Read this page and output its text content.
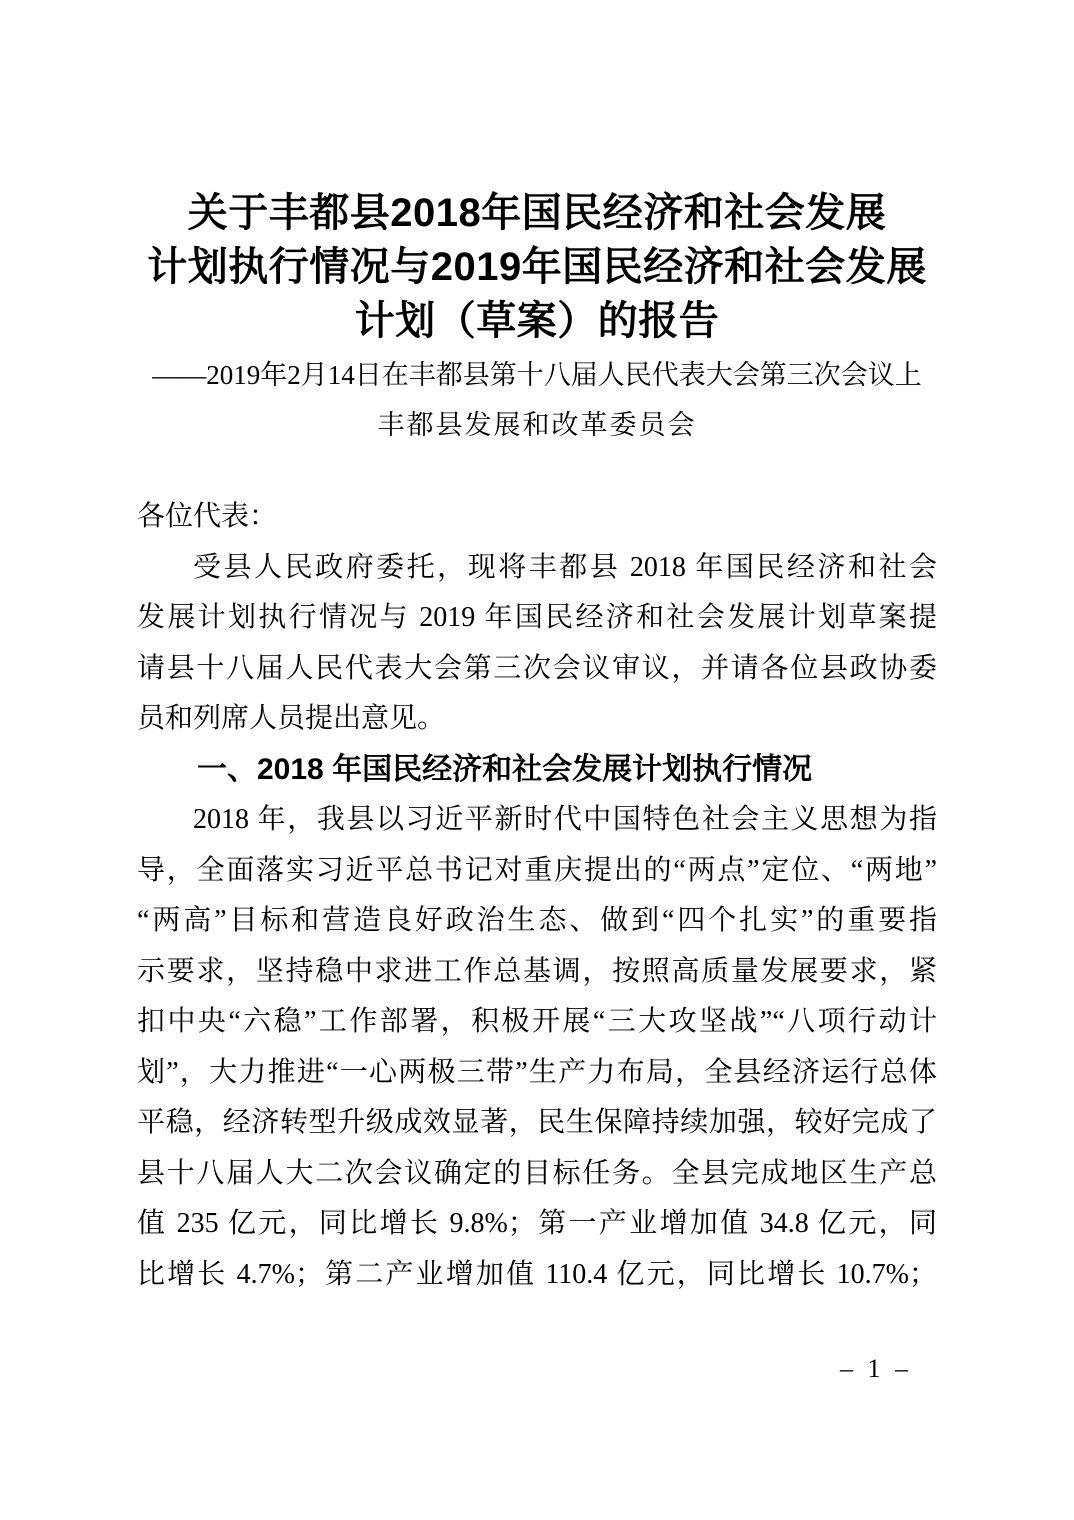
关于丰都县2018年国民经济和社会发展
计划执行情况与2019年国民经济和社会发展
计划（草案）的报告
——2019年2月14日在丰都县第十八届人民代表大会第三次会议上
丰都县发展和改革委员会
各位代表：
受县人民政府委托，现将丰都县 2018 年国民经济和社会
发展计划执行情况与 2019 年国民经济和社会发展计划草案提
请县十八届人民代表大会第三次会议审议，并请各位县政协委
员和列席人员提出意见。
一、2018 年国民经济和社会发展计划执行情况
2018 年，我县以习近平新时代中国特色社会主义思想为指
导，全面落实习近平总书记对重庆提出的“两点”定位、“两地”
“两高”目标和营造良好政治生态、做到“四个扎实”的重要指
示要求，坚持稳中求进工作总基调，按照高质量发展要求，紧
扣中央“六稳”工作部署，积极开展“三大攻坚战”“八项行动计
划”，大力推进“一心两极三带”生产力布局，全县经济运行总体
平稳，经济转型升级成效显著，民生保障持续加强，较好完成了
县十八届人大二次会议确定的目标任务。全县完成地区生产总
值 235 亿元，同比增长 9.8%；第一产业增加值 34.8 亿元，同
比增长 4.7%；第二产业增加值 110.4 亿元，同比增长 10.7%；
– 1 –
